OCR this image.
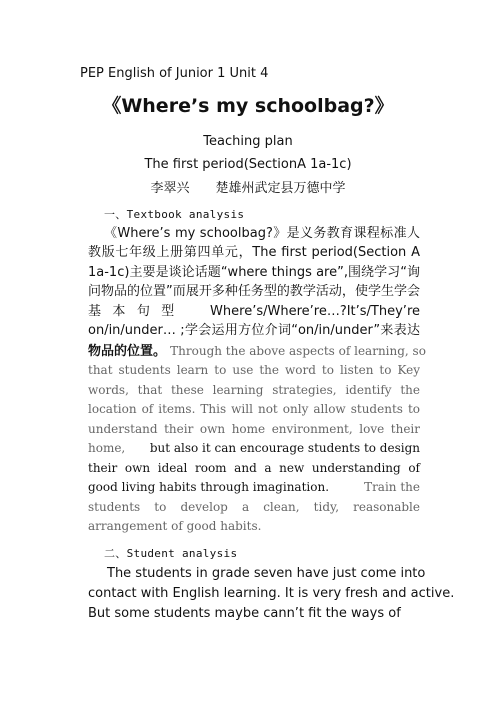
PEP English of Junior 1 Unit 4
《Where’s my schoolbag?》
Teaching plan
The first period(SectionA 1a-1c)
李翠兴　　楚雄州武定县万德中学
一、Textbook analysis
《Where’s my schoolbag?》是义务教育课程标准人
教版七年级上册第四单元，The first period(Section A
1a-1c)主要是谈论话题“where things are”,围绕学习“询
问物品的位置”而展开多种任务型的教学活动，使学生学会
基本句型　Where’s/Where’re…?It’s/They’re
on/in/under… ;学会运用方位介词“on/in/under”来表达
物品的位置。 Through the above aspects of learning, so
that students learn to use the word to listen to Key
words, that these learning strategies, identify the
location of items. This will not only allow students to
understand their own home environment, love their
home, but also it can encourage students to design
their own ideal room and a new understanding of
good living habits through imagination.	Train the
students to develop a clean, tidy, reasonable
arrangement of good habits.
二、Student analysis
The students in grade seven have just come into
contact with English learning. It is very fresh and active.
But some students maybe cann’t fit the ways of
